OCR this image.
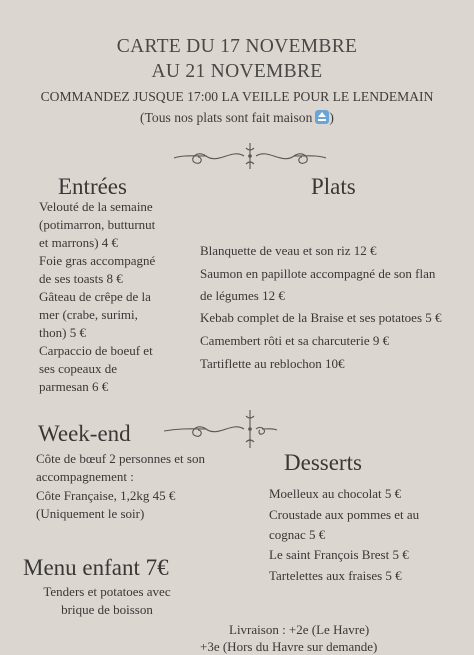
CARTE DU 17 NOVEMBRE
AU 21 NOVEMBRE
COMMANDEZ JUSQUE 17:00 LA VEILLE POUR LE LENDEMAIN
(Tous nos plats sont fait maison )
Entrées
Velouté de la semaine
(potimarron, butturnut
et marrons) 4 €
Foie gras accompagné
de ses toasts 8 €
Gâteau de crêpe de la
mer (crabe, surimi,
thon) 5 €
Carpaccio de boeuf et
ses copeaux de
parmesan 6 €
Plats
Blanquette de veau et son riz 12 €
Saumon en papillote accompagné de son flan
de légumes 12 €
Kebab complet de la Braise et ses potatoes 5 €
Camembert rôti et sa charcuterie 9 €
Tartiflette au reblochon 10€
Week-end
Côte de bœuf 2 personnes et son
accompagnement :
Côte Française, 1,2kg 45 €
(Uniquement le soir)
Desserts
Moelleux au chocolat 5 €
Croustade aux pommes et au
cognac 5 €
Le saint François Brest 5 €
Tartelettes aux fraises 5 €
Menu enfant 7€
Tenders et potatoes avec
brique de boisson
Livraison : +2e (Le Havre)
+3e (Hors du Havre sur demande)
